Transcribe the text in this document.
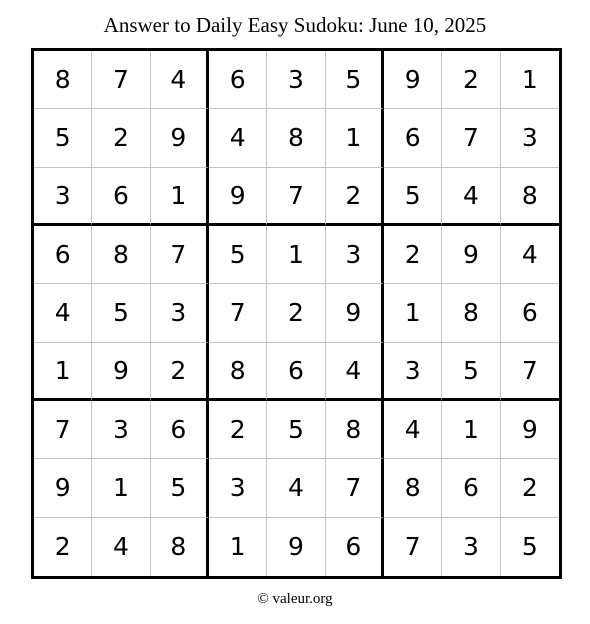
Answer to Daily Easy Sudoku: June 10, 2025
8	7	4	6	3	5	9	2	1
5	2	9	4	8	1	6	7	3
3	6	1	9	7	2	5	4	8
6	8	7	5	1	3	2	9	4
4	5	3	7	2	9	1	8	6
1	9	2	8	6	4	3	5	7
7	3	6	2	5	8	4	1	9
9	1	5	3	4	7	8	6	2
2	4	8	1	9	6	7	3	5
© valeur.org
